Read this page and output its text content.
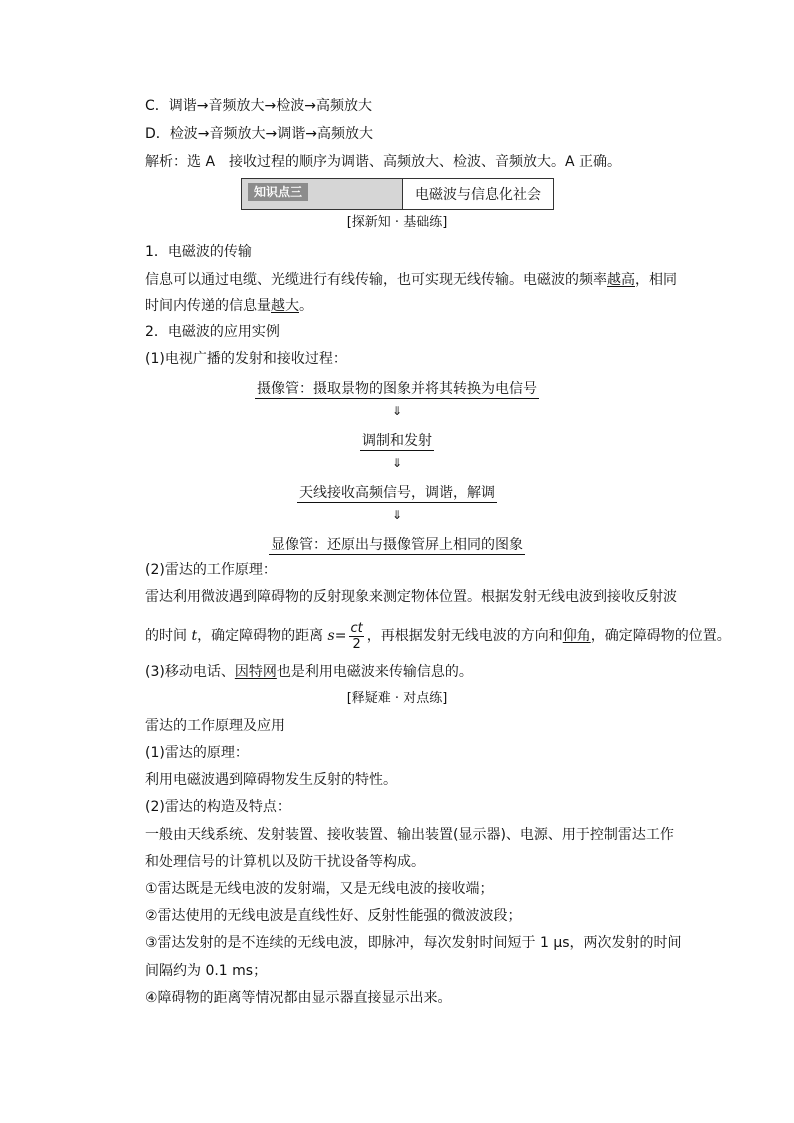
C．调谐→音频放大→检波→高频放大
D．检波→音频放大→调谐→高频放大
解析：选 A　接收过程的顺序为调谐、高频放大、检波、音频放大。A 正确。
知识点三	电磁波与信息化社会
[探新知 · 基础练]
1．电磁波的传输
信息可以通过电缆、光缆进行有线传输，也可实现无线传输。电磁波的频率越高，相同
时间内传递的信息量越大。
2．电磁波的应用实例
(1)电视广播的发射和接收过程：
摄像管：摄取景物的图象并将其转换为电信号
⇓
调制和发射
⇓
天线接收高频信号，调谐，解调
⇓
显像管：还原出与摄像管屏上相同的图象
(2)雷达的工作原理：
雷达利用微波遇到障碍物的反射现象来测定物体位置。根据发射无线电波到接收反射波
的时间 t，确定障碍物的距离 $s= \frac{ct}{2}$ ，再根据发射无线电波的方向和仰角，确定障碍物的位置。
(3)移动电话、因特网也是利用电磁波来传输信息的。
[释疑难 · 对点练]
雷达的工作原理及应用
(1)雷达的原理：
利用电磁波遇到障碍物发生反射的特性。
(2)雷达的构造及特点：
一般由天线系统、发射装置、接收装置、输出装置(显示器)、电源、用于控制雷达工作
和处理信号的计算机以及防干扰设备等构成。
①雷达既是无线电波的发射端，又是无线电波的接收端；
②雷达使用的无线电波是直线性好、反射性能强的微波波段；
③雷达发射的是不连续的无线电波，即脉冲，每次发射时间短于 1 μs，两次发射的时间
间隔约为 0.1 ms；
④障碍物的距离等情况都由显示器直接显示出来。
